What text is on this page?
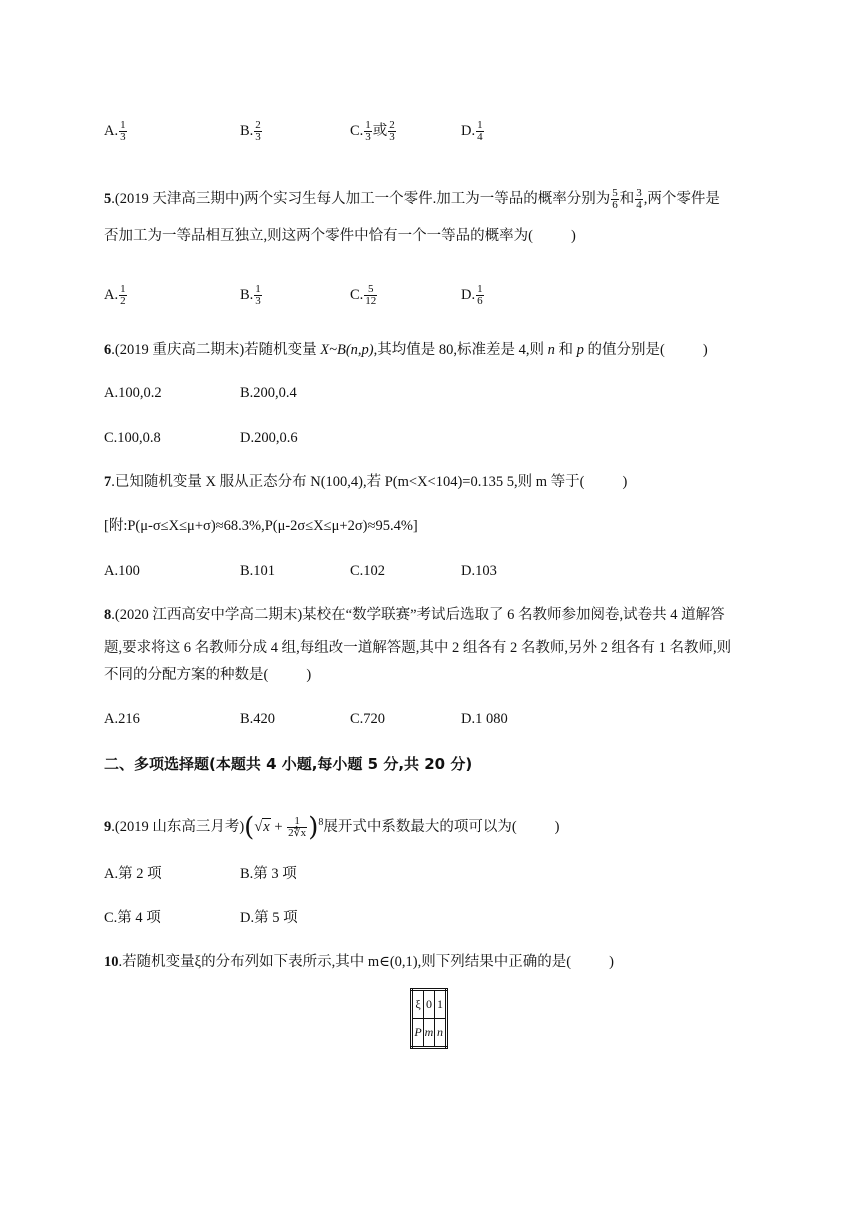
A. $\frac{1}{3}$	B. $\frac{2}{3}$	C. $\frac{1}{3}$ 或 $\frac{2}{3}$	D. $\frac{1}{4}$
5.(2019 天津高三期中)两个实习生每人加工一个零件.加工为一等品的概率分别为 $\frac{5}{6}$ 和 $\frac{3}{4}$ ,两个零件是
否加工为一等品相互独立,则这两个零件中恰有一个一等品的概率为(	)
A. $\frac{1}{2}$	B. $\frac{1}{3}$	C. $\frac{5}{12}$	D. $\frac{1}{6}$
6.(2019 重庆高二期末)若随机变量 X~B(n,p),其均值是 80,标准差是 4,则 n 和 p 的值分别是(	)
A.100,0.2	B.200,0.4
C.100,0.8	D.200,0.6
7.已知随机变量 X 服从正态分布 N(100,4),若 P(m<X<104)=0.135 5,则 m 等于(	)
[附:P(μ-σ≤X≤μ+σ)≈68.3%,P(μ-2σ≤X≤μ+2σ)≈95.4%]
A.100	B.101	C.102	D.103
8.(2020 江西高安中学高二期末)某校在“数学联赛”考试后选取了 6 名教师参加阅卷,试卷共 4 道解答
题,要求将这 6 名教师分成 4 组,每组改一道解答题,其中 2 组各有 2 名教师,另外 2 组各有 1 名教师,则
不同的分配方案的种数是(	)
A.216	B.420	C.720	D.1 080
二、多项选择题(本题共 4 小题,每小题 5 分,共 20 分)
9.(2019 山东高三月考)$(√x + \frac{1}{2∜x} )^8$展开式中系数最大的项可以为(	)
A.第 2 项	B.第 3 项
C.第 4 项	D.第 5 项
10.若随机变量ξ的分布列如下表所示,其中 m∈(0,1),则下列结果中正确的是(	)
ξ	0	1
P	m	n
